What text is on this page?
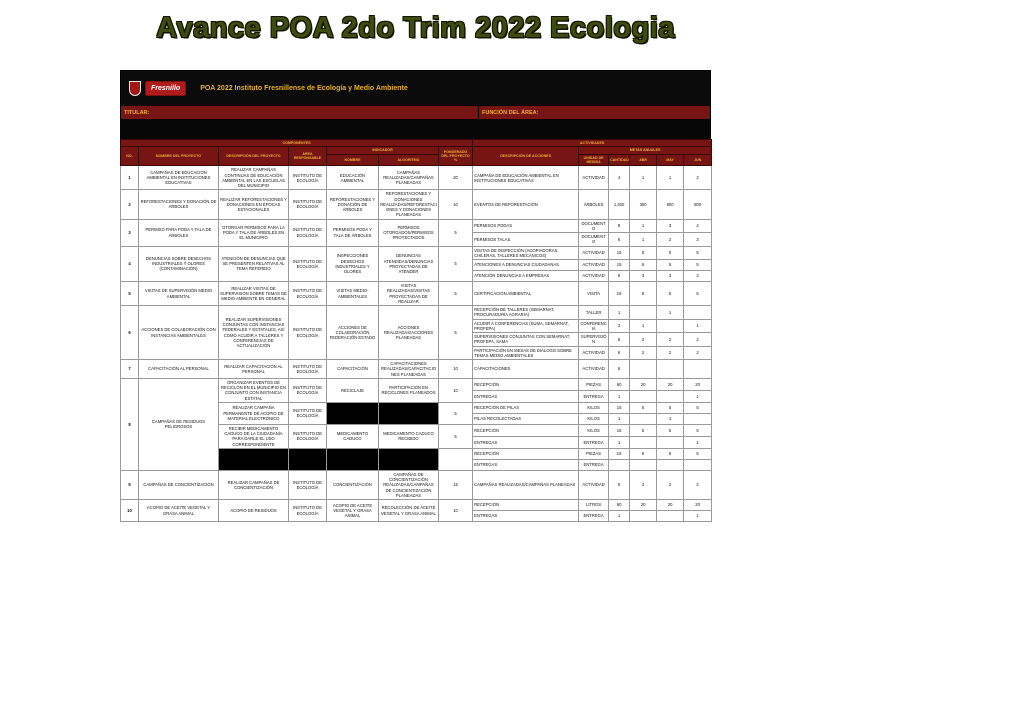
Avance POA 2do Trim 2022 Ecologia
Fresnillo	POA 2022 Instituto Fresnillense de Ecología y Medio Ambiente
TITULAR:	FUNCIÓN DEL ÁREA:
COMPONENTES							ACTIVIDADES					
NO.	NOMBRE DEL PROYECTO	DESCRIPCIÓN DEL PROYECTO	ÁREA RESPONSABLE	INDICADOR		PONDERADO DEL PROYECTO %	DESCRIPCIÓN DE ACCIONES	METAS ANUALES				
				NOMBRE	ALGORITMO			UNIDAD DE MEDIDA	CANTIDAD	ABR	MAY	JUN
1	CAMPAÑAS DE EDUCACIÓN AMBIENTAL EN INSTITUCIONES EDUCATIVAS	REALIZAR CAMPAÑAS CONTINUAS DE EDUCACIÓN AMBIENTAL EN LAS ESCUELAS DEL MUNICIPIO	INSTITUTO DE ECOLOGÍA	EDUCACIÓN AMBIENTAL	CAMPAÑAS REALIZADAS/CAMPAÑAS PLANEADAS	20	CAMPAÑA DE EDUCACIÓN AMBIENTAL EN INSTITUCIONES EDUCATIVAS	ACTIVIDAD	4	1	1	2
2	REFORESTACIONES Y DONACIÓN DE ÁRBOLES	REALIZAR REFORESTACIONES Y DONACIONES EN ÉPOCAS ESTACIONALES	INSTITUTO DE ECOLOGÍA	REFORESTACIONES Y DONACIÓN DE ÁRBOLES	REFORESTACIONES Y DONACIONES REALIZADAS/REFORESTACIONES Y DONACIONES PLANEADAS	10	EVENTOS DE REFORESTACIÓN	ÁRBOLES	1,400	300	600	500
3	PERMISO PARA PODA Y TALA DE ÁRBOLES	OTORGAR PERMISOS PARA LA PODA Y TALA DE ÁRBOLES EN EL MUNICIPIO	INSTITUTO DE ECOLOGÍA	PERMISOS PODA Y TALA DE ÁRBOLES	PERMISOS OTORGADOS/PERMISOS PROYECTADOS	5	PERMISOS PODAS	DOCUMENTO	8	1	3	4
							PERMISOS TALAS	DOCUMENTO	6	1	2	3
4	DENUNCIAS SOBRE DESECHOS INDUSTRIALES Y OLORES (CONTAMINACIÓN)	ATENCIÓN DE DENUNCIAS QUE SE PRESENTEN RELATIVAS AL TEMA REFERIDO	INSTITUTO DE ECOLOGÍA	INSPECCIONES DESECHOS INDUSTRIALES Y OLORES	DENUNCIAS ATENDIDAS/DENUNCIAS PROYECTADAS DE ATENDER	5	VISITAS DE INSPECCIÓN (ACOPIADORAS, CHILERAS, TALLERES MECÁNICOS)	ACTIVIDAD	15	5	5	5
							ATENCIONES A DENUNCIAS CIUDADANAS	ACTIVIDAD	15	5	5	5
							ATENCIÓN DENUNCIAS A EMPRESAS	ACTIVIDAD	9	3	3	3
5	VISITAS DE SUPERVISIÓN MEDIO AMBIENTAL	REALIZAR VISITAS DE SUPERVISIÓN SOBRE TEMAS DE MEDIO AMBIENTE EN GENERAL	INSTITUTO DE ECOLOGÍA	VISITAS MEDIO-AMBIENTALES	VISITAS REALIZADAS/VISITAS PROYECTADAS DE REALIZAR	5	CERTIFICACIÓN AMBIENTAL	VISITA	15	5	5	5
6	ACCIONES DE COLABORACIÓN CON INSTANCIAS AMBIENTALES	REALIZAR SUPERVISIONES CONJUNTAS CON INSTANCIAS FEDERALES Y ESTATALES, ASÍ COMO ACUDIR A TALLERES Y CONFERENCIAS DE ACTUALIZACIÓN	INSTITUTO DE ECOLOGÍA	ACCIONES DE COLABORACIÓN FEDERACIÓN ESTADO	ACCIONES REALIZADAS/ACCIONES PLANEADAS	5	RECEPCIÓN DE TALLERES (SEMARNAT, PROCURADURÍA AGRARIA)	TALLER	1		1	
							ACUDIR A CONFERENCIAS (SUMA, SEMARNAT, PROFEPA)	CONFERENCIA	2	1		1
							SUPERVISIONES CONJUNTAS CON SEMARNAT, PROFEPA, SAMA	SUPERVISIÓN	6	2	2	2
							PARTICIPACIÓN EN MESAS DE DIÁLOGO SOBRE TEMAS MEDIO AMBIENTALES	ACTIVIDAD	6	2	2	2
7	CAPACITACIÓN AL PERSONAL	REALIZAR CAPACITACIÓN AL PERSONAL	INSTITUTO DE ECOLOGÍA	CAPACITACIÓN	CAPACITACIONES REALIZADAS/CAPACITACIONES PLANEADAS	10	CAPACITACIONES	ACTIVIDAD	6			
8	CAMPAÑAS DE RESIDUOS PELIGROSOS	ORGANIZAR EVENTOS DE RECICLÓN EN EL MUNICIPIO EN CONJUNTO CON INSTANCIA ESTATAL	INSTITUTO DE ECOLOGÍA	RECICLAJE	PARTICIPACIÓN EN RECICLONES PLANEADOS	10	RECEPCIÓN	PIEZAS	60	20	20	20
							ENTREGAS	ENTREGA	1			1
		REALIZAR CAMPAÑA PERMANENTE DE ACOPIO DE MATERIAL ELECTRÓNICO	INSTITUTO DE ECOLOGÍA			5	RECEPCIÓN DE PILAS	KILOS	15	5	5	5
							PILAS RECOLECTADAS	KILOS	1		1	
		RECIBIR MEDICAMENTO CADUCO DE LA CIUDADANÍA PARA DARLE EL USO CORRESPONDIENTE	INSTITUTO DE ECOLOGÍA	MEDICAMENTO CADUCO	MEDICAMENTO CADUCO RECIBIDO	5	RECEPCIÓN	KILOS	15	5	5	5
							ENTREGAS	ENTREGA	1			1
							RECEPCIÓN	PIEZAS	15	5	5	5
							ENTREGAS	ENTREGA				
9	CAMPAÑAS DE CONCIENTIZACIÓN	REALIZAR CAMPAÑAS DE CONCIENTIZACIÓN	INSTITUTO DE ECOLOGÍA	CONCIENTIZACIÓN	CAMPAÑAS DE CONCIENTIZACIÓN REALIZADAS/CAMPAÑAS DE CONCIENTIZACIÓN PLANEADAS	15	CAMPAÑAS REALIZADAS/CAMPAÑAS PLANEADAS	ACTIVIDAD	6	2	2	2
10	ACOPIO DE ACEITE VEGETAL Y GRASA ANIMAL	ACOPIO DE RESIDUOS	INSTITUTO DE ECOLOGÍA	ACOPIO DE ACEITE VEGETAL Y GRASA ANIMAL	RECOLECCIÓN DE ACEITE VEGETAL Y GRASA ANIMAL	10	RECEPCIÓN	LITROS	60	20	20	20
							ENTREGAS	ENTREGA	1			1
